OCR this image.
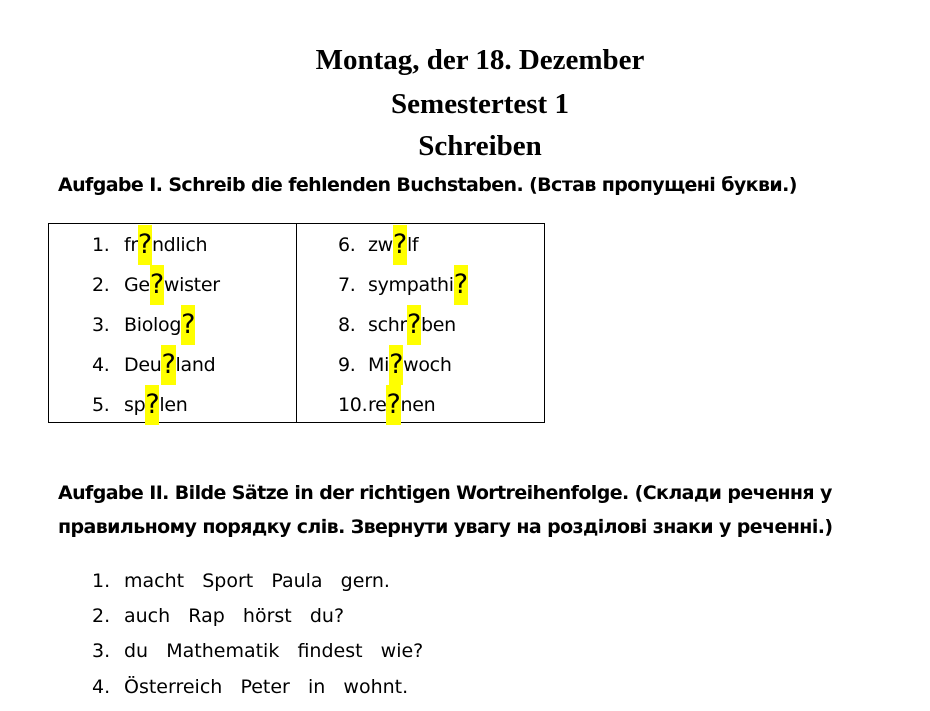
Montag, der 18. Dezember
Semestertest 1
Schreiben
Aufgabe I. Schreib die fehlenden Buchstaben. (Встав пропущені букви.)

1. fr?ndlich
2. Ge?wister
3. Biolog?
4. Deu?land
5. sp?len
6. zw?lf
7. sympathi?
8. schr?ben
9. Mi?woch
10.re?nen
Aufgabe II. Bilde Sätze in der richtigen Wortreihenfolge. (Склади речення у
правильному порядку слів. Звернути увагу на розділові знаки у реченні.)
1. macht   Sport   Paula   gern.
2. auch   Rap   hörst   du?
3. du   Mathematik   findest   wie?
4. Österreich   Peter   in   wohnt.
